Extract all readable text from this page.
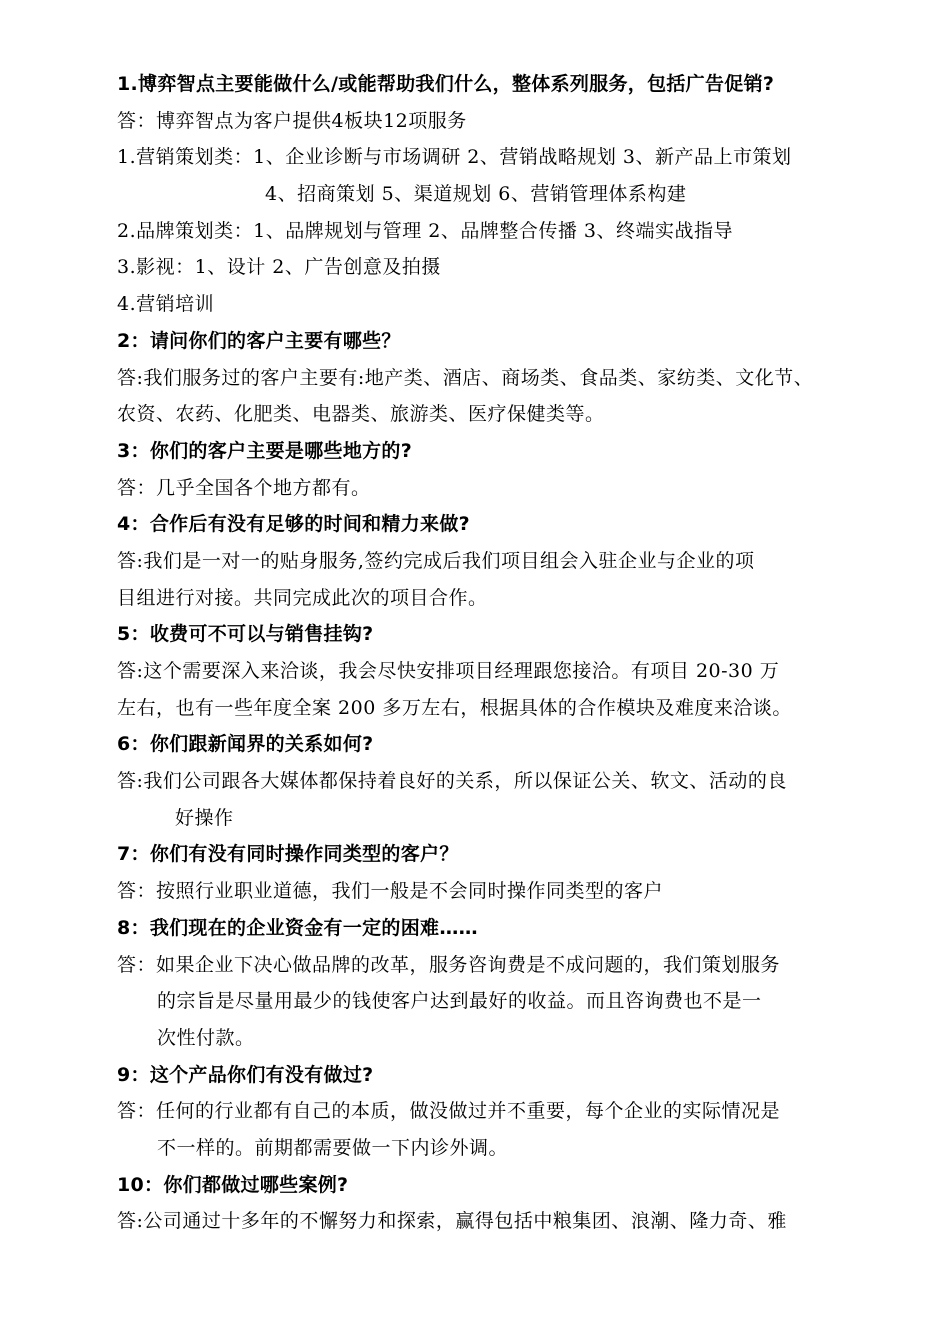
1.博弈智点主要能做什么/或能帮助我们什么，整体系列服务，包括广告促销?
答：博弈智点为客户提供4板块12项服务
1.营销策划类：1、企业诊断与市场调研 2、营销战略规划 3、新产品上市策划
4、招商策划 5、渠道规划 6、营销管理体系构建
2.品牌策划类：1、品牌规划与管理 2、品牌整合传播 3、终端实战指导
3.影视：1、设计 2、广告创意及拍摄
4.营销培训
2：请问你们的客户主要有哪些？
答:我们服务过的客户主要有:地产类、酒店、商场类、食品类、家纺类、文化节、
农资、农药、化肥类、电器类、旅游类、医疗保健类等。
3：你们的客户主要是哪些地方的?
答：几乎全国各个地方都有。
4：合作后有没有足够的时间和精力来做?
答:我们是一对一的贴身服务,签约完成后我们项目组会入驻企业与企业的项
目组进行对接。共同完成此次的项目合作。
5：收费可不可以与销售挂钩?
答:这个需要深入来洽谈，我会尽快安排项目经理跟您接洽。有项目 20-30 万
左右，也有一些年度全案 200 多万左右，根据具体的合作模块及难度来洽谈。
6：你们跟新闻界的关系如何?
答:我们公司跟各大媒体都保持着良好的关系，所以保证公关、软文、活动的良
好操作
7：你们有没有同时操作同类型的客户？
答：按照行业职业道德，我们一般是不会同时操作同类型的客户
8：我们现在的企业资金有一定的困难……
答：如果企业下决心做品牌的改革，服务咨询费是不成问题的，我们策划服务
的宗旨是尽量用最少的钱使客户达到最好的收益。而且咨询费也不是一
次性付款。
9：这个产品你们有没有做过?
答：任何的行业都有自己的本质，做没做过并不重要，每个企业的实际情况是
不一样的。前期都需要做一下内诊外调。
10：你们都做过哪些案例?
答:公司通过十多年的不懈努力和探索，赢得包括中粮集团、浪潮、隆力奇、雅
